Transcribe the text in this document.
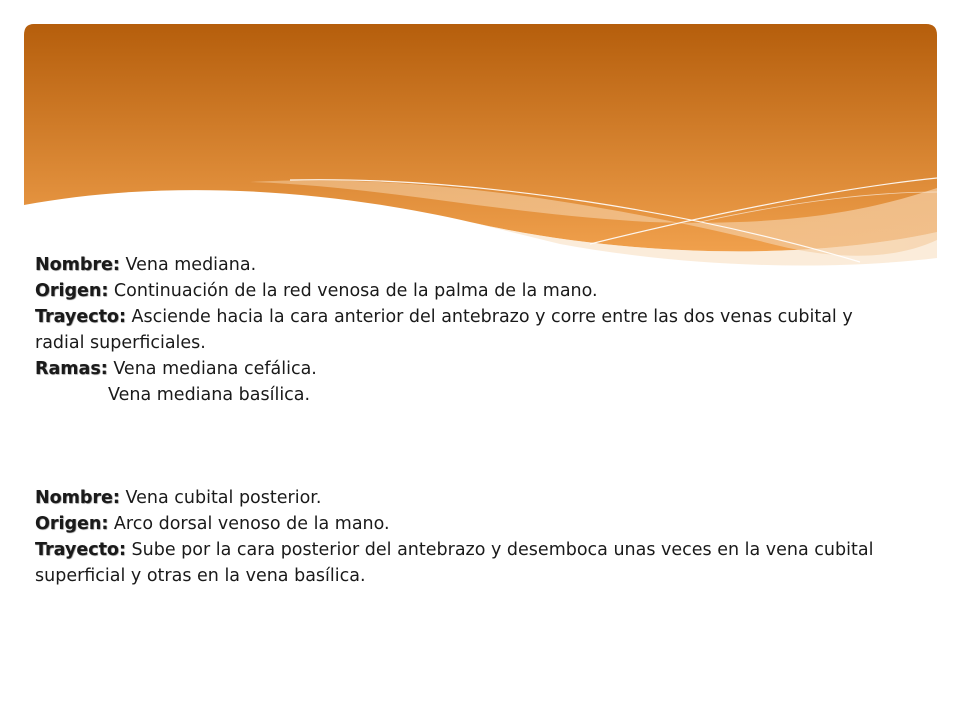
Nombre: Vena mediana.
Origen: Continuación de la red venosa de la palma de la mano.
Trayecto: Asciende hacia la cara anterior del antebrazo y corre entre las dos venas cubital y radial superficiales.
Ramas: Vena mediana cefálica.
Vena mediana basílica.
Nombre: Vena cubital posterior.
Origen: Arco dorsal venoso de la mano.
Trayecto: Sube por la cara posterior del antebrazo y desemboca unas veces en la vena cubital superficial y otras en la vena basílica.
